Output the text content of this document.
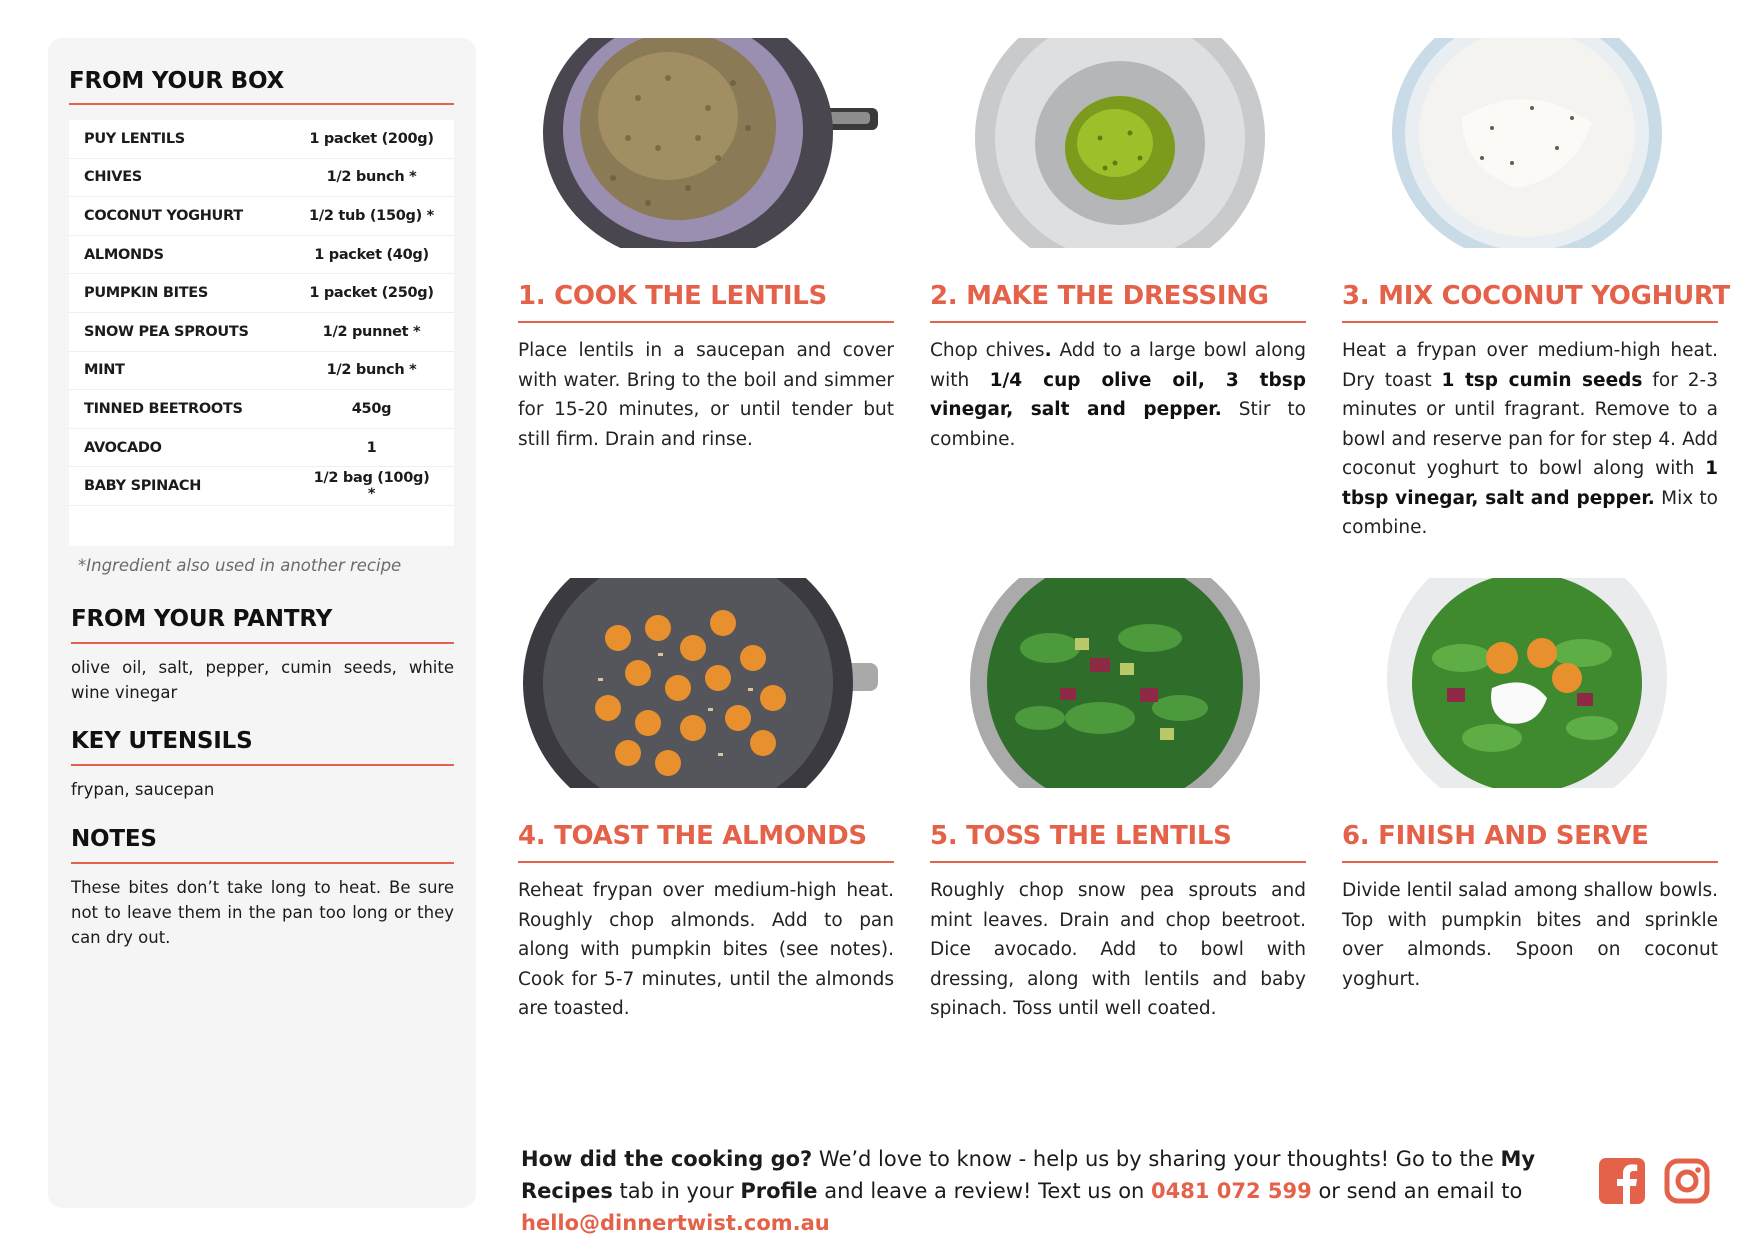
FROM YOUR BOX
PUY LENTILS	1 packet (200g)
CHIVES	1/2 bunch *
COCONUT YOGHURT	1/2 tub (150g) *
ALMONDS	1 packet (40g)
PUMPKIN BITES	1 packet (250g)
SNOW PEA SPROUTS	1/2 punnet *
MINT	1/2 bunch *
TINNED BEETROOTS	450g
AVOCADO	1
BABY SPINACH	1/2 bag (100g) *
*Ingredient also used in another recipe
FROM YOUR PANTRY
olive oil, salt, pepper, cumin seeds, white wine vinegar
KEY UTENSILS
frypan, saucepan
NOTES
These bites don’t take long to heat. Be sure not to leave them in the pan too long or they can dry out.
1. COOK THE LENTILS
Place lentils in a saucepan and cover with water. Bring to the boil and simmer for 15-20 minutes, or until tender but still firm. Drain and rinse.
2. MAKE THE DRESSING
Chop chives. Add to a large bowl along with 1/4 cup olive oil, 3 tbsp vinegar, salt and pepper. Stir to combine.
3. MIX COCONUT YOGHURT
Heat a frypan over medium-high heat. Dry toast 1 tsp cumin seeds for 2-3 minutes or until fragrant. Remove to a bowl and reserve pan for for step 4. Add coconut yoghurt to bowl along with 1 tbsp vinegar, salt and pepper. Mix to combine.
4. TOAST THE ALMONDS
Reheat frypan over medium-high heat. Roughly chop almonds. Add to pan along with pumpkin bites (see notes). Cook for 5-7 minutes, until the almonds are toasted.
5. TOSS THE LENTILS
Roughly chop snow pea sprouts and mint leaves. Drain and chop beetroot. Dice avocado. Add to bowl with dressing, along with lentils and baby spinach. Toss until well coated.
6. FINISH AND SERVE
Divide lentil salad among shallow bowls. Top with pumpkin bites and sprinkle over almonds. Spoon on coconut yoghurt.
How did the cooking go? We’d love to know - help us by sharing your thoughts! Go to the My Recipes tab in your Profile and leave a review! Text us on 0481 072 599 or send an email to hello@dinnertwist.com.au
